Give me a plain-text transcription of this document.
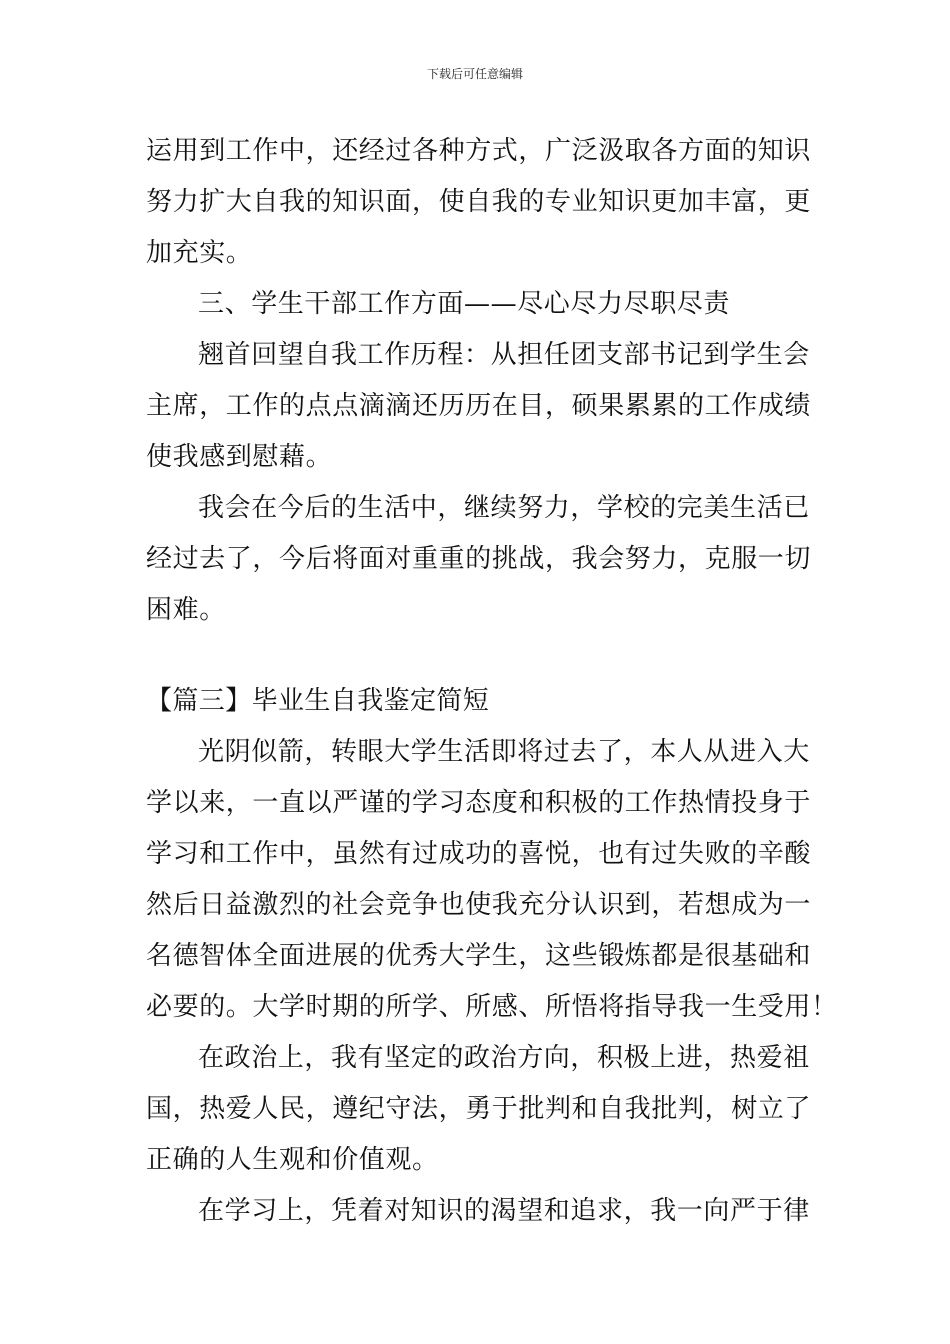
下载后可任意编辑
运用到工作中，还经过各种方式，广泛汲取各方面的知识
努力扩大自我的知识面，使自我的专业知识更加丰富，更
加充实。
三、学生干部工作方面——尽心尽力尽职尽责
翘首回望自我工作历程：从担任团支部书记到学生会
主席，工作的点点滴滴还历历在目，硕果累累的工作成绩
使我感到慰藉。
我会在今后的生活中，继续努力，学校的完美生活已
经过去了，今后将面对重重的挑战，我会努力，克服一切
困难。
【篇三】毕业生自我鉴定简短
光阴似箭，转眼大学生活即将过去了，本人从进入大
学以来，一直以严谨的学习态度和积极的工作热情投身于
学习和工作中，虽然有过成功的喜悦，也有过失败的辛酸
然后日益激烈的社会竞争也使我充分认识到，若想成为一
名德智体全面进展的优秀大学生，这些锻炼都是很基础和
必要的。大学时期的所学、所感、所悟将指导我一生受用！
在政治上，我有坚定的政治方向，积极上进，热爱祖
国，热爱人民，遵纪守法，勇于批判和自我批判，树立了
正确的人生观和价值观。
在学习上，凭着对知识的渴望和追求，我一向严于律
